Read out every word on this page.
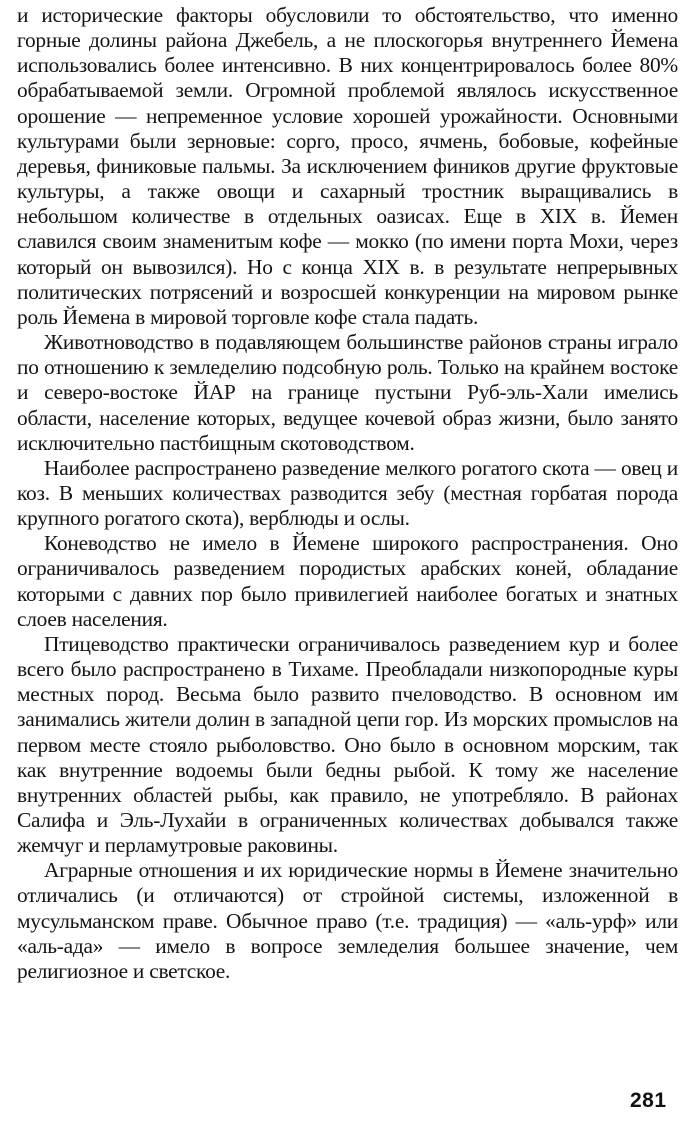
и исторические факторы обусловили то обстоятельство, что именно горные долины района Джебель, а не плоскогорья внутреннего Йемена использовались более интенсивно. В них концентрировалось более 80% обрабатываемой земли. Огромной проблемой являлось искусственное орошение — непременное условие хорошей урожайности. Основными культурами были зерновые: сорго, просо, ячмень, бобовые, кофейные деревья, финиковые пальмы. За исключением фиников другие фруктовые культуры, а также овощи и сахарный тростник выращивались в небольшом количестве в отдельных оазисах. Еще в XIX в. Йемен славился своим знаменитым кофе — мокко (по имени порта Мохи, через который он вывозился). Но с конца XIX в. в результате непрерывных политических потрясений и возросшей конкуренции на мировом рынке роль Йемена в мировой торговле кофе стала падать.

Животноводство в подавляющем большинстве районов страны играло по отношению к земледелию подсобную роль. Только на крайнем востоке и северо-востоке ЙАР на границе пустыни Руб-эль-Хали имелись области, население которых, ведущее кочевой образ жизни, было занято исключительно пастбищным скотоводством.

Наиболее распространено разведение мелкого рогатого скота — овец и коз. В меньших количествах разводится зебу (местная горбатая порода крупного рогатого скота), верблюды и ослы.

Коневодство не имело в Йемене широкого распространения. Оно ограничивалось разведением породистых арабских коней, обладание которыми с давних пор было привилегией наиболее богатых и знатных слоев населения.

Птицеводство практически ограничивалось разведением кур и более всего было распространено в Тихаме. Преобладали низкопородные куры местных пород. Весьма было развито пчеловодство. В основном им занимались жители долин в западной цепи гор. Из морских промыслов на первом месте стояло рыболовство. Оно было в основном морским, так как внутренние водоемы были бедны рыбой. К тому же население внутренних областей рыбы, как правило, не употребляло. В районах Салифа и Эль-Лухайи в ограниченных количествах добывался также жемчуг и перламутровые раковины.

Аграрные отношения и их юридические нормы в Йемене значительно отличались (и отличаются) от стройной системы, изложенной в мусульманском праве. Обычное право (т.е. традиция) — «аль-урф» или «аль-ада» — имело в вопросе земледелия большее значение, чем религиозное и светское.

281
